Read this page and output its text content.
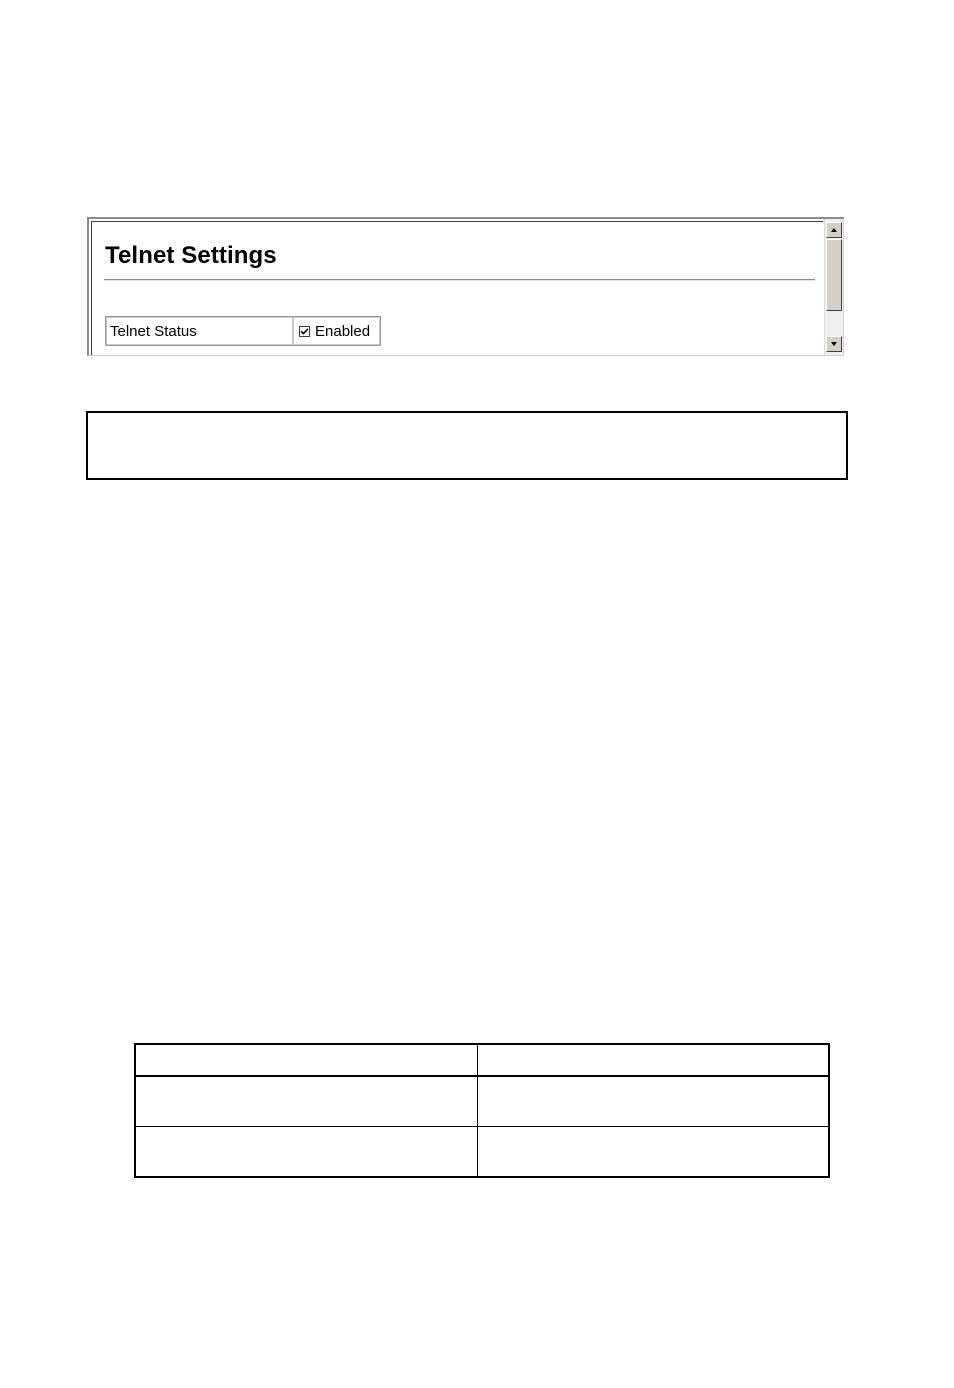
Telnet Settings
Telnet Status	Enabled
